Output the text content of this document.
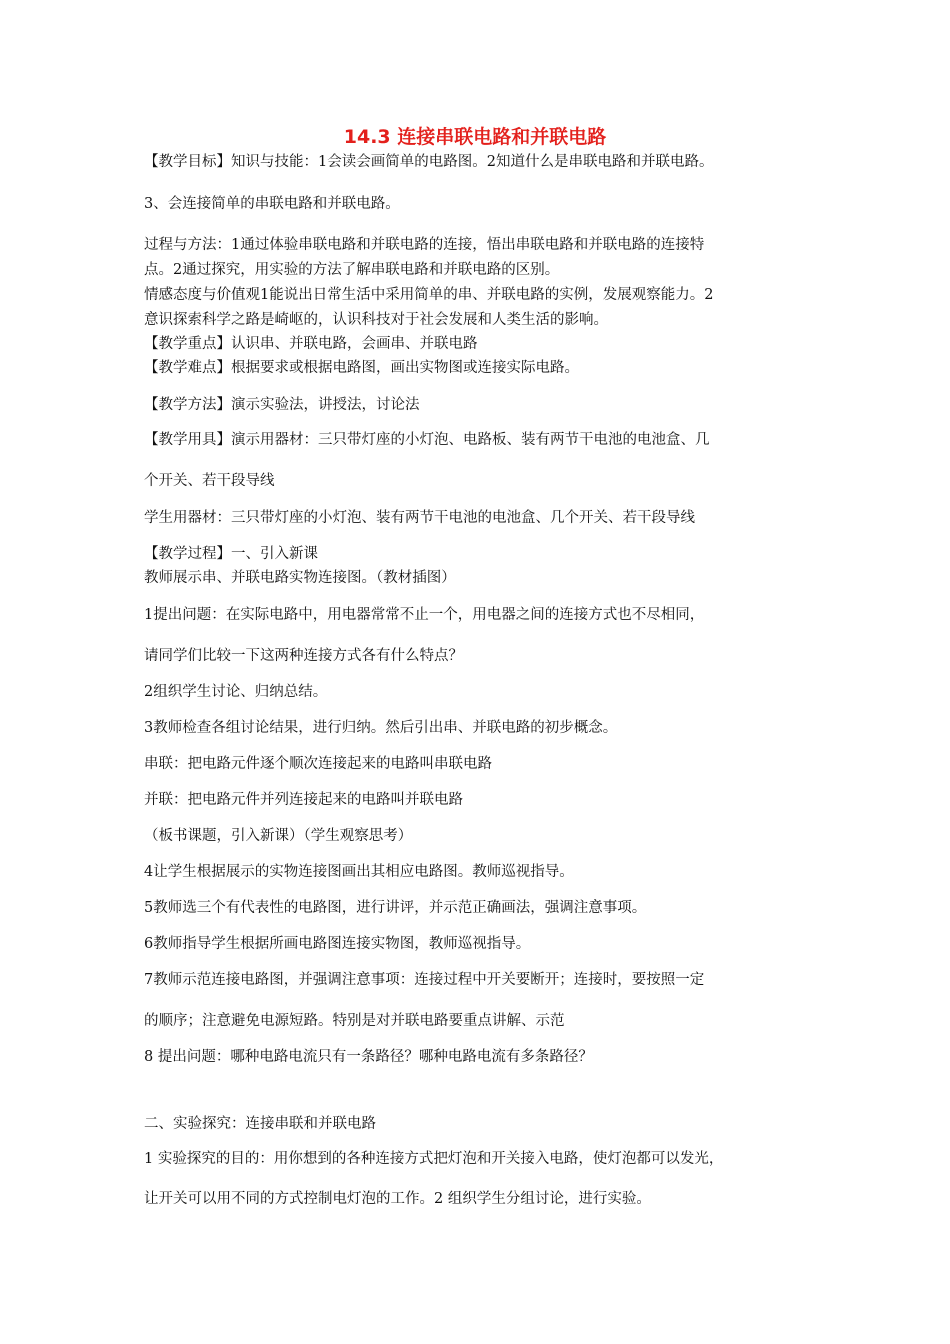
14.3 连接串联电路和并联电路
【教学目标】知识与技能：1会读会画简单的电路图。2知道什么是串联电路和并联电路。
3、会连接简单的串联电路和并联电路。
过程与方法：1通过体验串联电路和并联电路的连接，悟出串联电路和并联电路的连接特
点。2通过探究，用实验的方法了解串联电路和并联电路的区别。
情感态度与价值观1能说出日常生活中采用简单的串、并联电路的实例，发展观察能力。2
意识探索科学之路是崎岖的，认识科技对于社会发展和人类生活的影响。
【教学重点】认识串、并联电路，会画串、并联电路
【教学难点】根据要求或根据电路图，画出实物图或连接实际电路。
【教学方法】演示实验法，讲授法，讨论法
【教学用具】演示用器材：三只带灯座的小灯泡、电路板、装有两节干电池的电池盒、几
个开关、若干段导线
学生用器材：三只带灯座的小灯泡、装有两节干电池的电池盒、几个开关、若干段导线
【教学过程】一、引入新课
教师展示串、并联电路实物连接图。（教材插图）
1提出问题：在实际电路中，用电器常常不止一个，用电器之间的连接方式也不尽相同，
请同学们比较一下这两种连接方式各有什么特点？
2组织学生讨论、归纳总结。
3教师检查各组讨论结果，进行归纳。然后引出串、并联电路的初步概念。
串联：把电路元件逐个顺次连接起来的电路叫串联电路
并联：把电路元件并列连接起来的电路叫并联电路
（板书课题，引入新课）（学生观察思考）
4让学生根据展示的实物连接图画出其相应电路图。教师巡视指导。
5教师选三个有代表性的电路图，进行讲评，并示范正确画法，强调注意事项。
6教师指导学生根据所画电路图连接实物图，教师巡视指导。
7教师示范连接电路图，并强调注意事项：连接过程中开关要断开；连接时，要按照一定
的顺序；注意避免电源短路。特别是对并联电路要重点讲解、示范
8 提出问题：哪种电路电流只有一条路径？哪种电路电流有多条路径？
二、实验探究：连接串联和并联电路
1 实验探究的目的：用你想到的各种连接方式把灯泡和开关接入电路，使灯泡都可以发光，
让开关可以用不同的方式控制电灯泡的工作。2 组织学生分组讨论，进行实验。
